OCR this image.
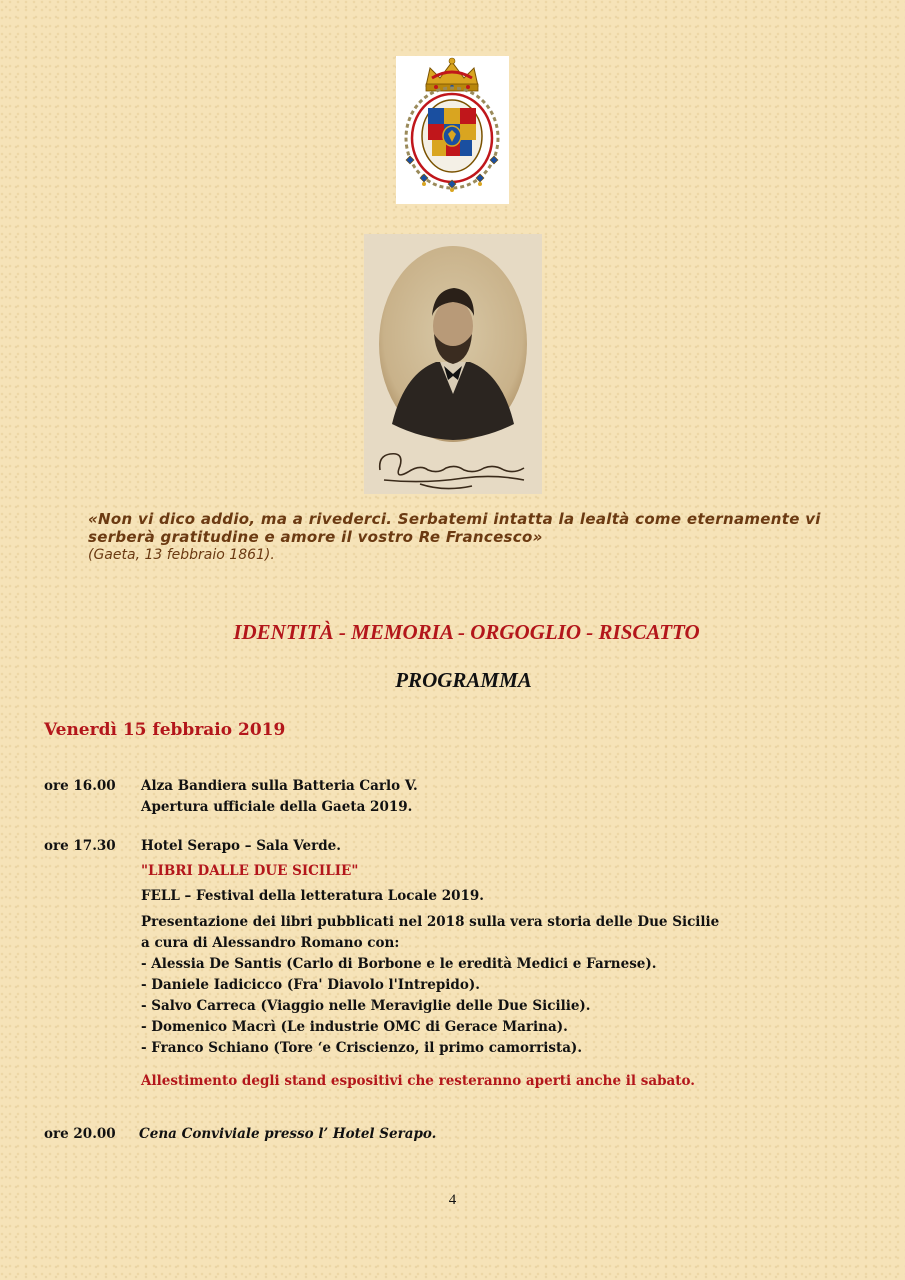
«Non vi dico addio, ma a rivederci. Serbatemi intatta la lealtà come eternamente vi serberà gratitudine e amore il vostro Re Francesco»
(Gaeta, 13 febbraio 1861).
IDENTITÀ - MEMORIA - ORGOGLIO - RISCATTO
PROGRAMMA
Venerdì 15 febbraio 2019
ore 16.00 Alza Bandiera sulla Batteria Carlo V.
Apertura ufficiale della Gaeta 2019.
ore 17.30 Hotel Serapo – Sala Verde.
"LIBRI DALLE DUE SICILIE"
FELL – Festival della letteratura Locale 2019.
Presentazione dei libri pubblicati nel 2018 sulla vera storia delle Due Sicilie
a cura di Alessandro Romano con:
- Alessia De Santis (Carlo di Borbone e le eredità Medici e Farnese).
- Daniele Iadicicco (Fra' Diavolo l'Intrepido).
- Salvo Carreca (Viaggio nelle Meraviglie delle Due Sicilie).
- Domenico Macrì (Le industrie OMC di Gerace Marina).
- Franco Schiano (Tore ‘e Criscienzo, il primo camorrista).
Allestimento degli stand espositivi che resteranno aperti anche il sabato.
ore 20.00 Cena Conviviale presso l’ Hotel Serapo.
4
